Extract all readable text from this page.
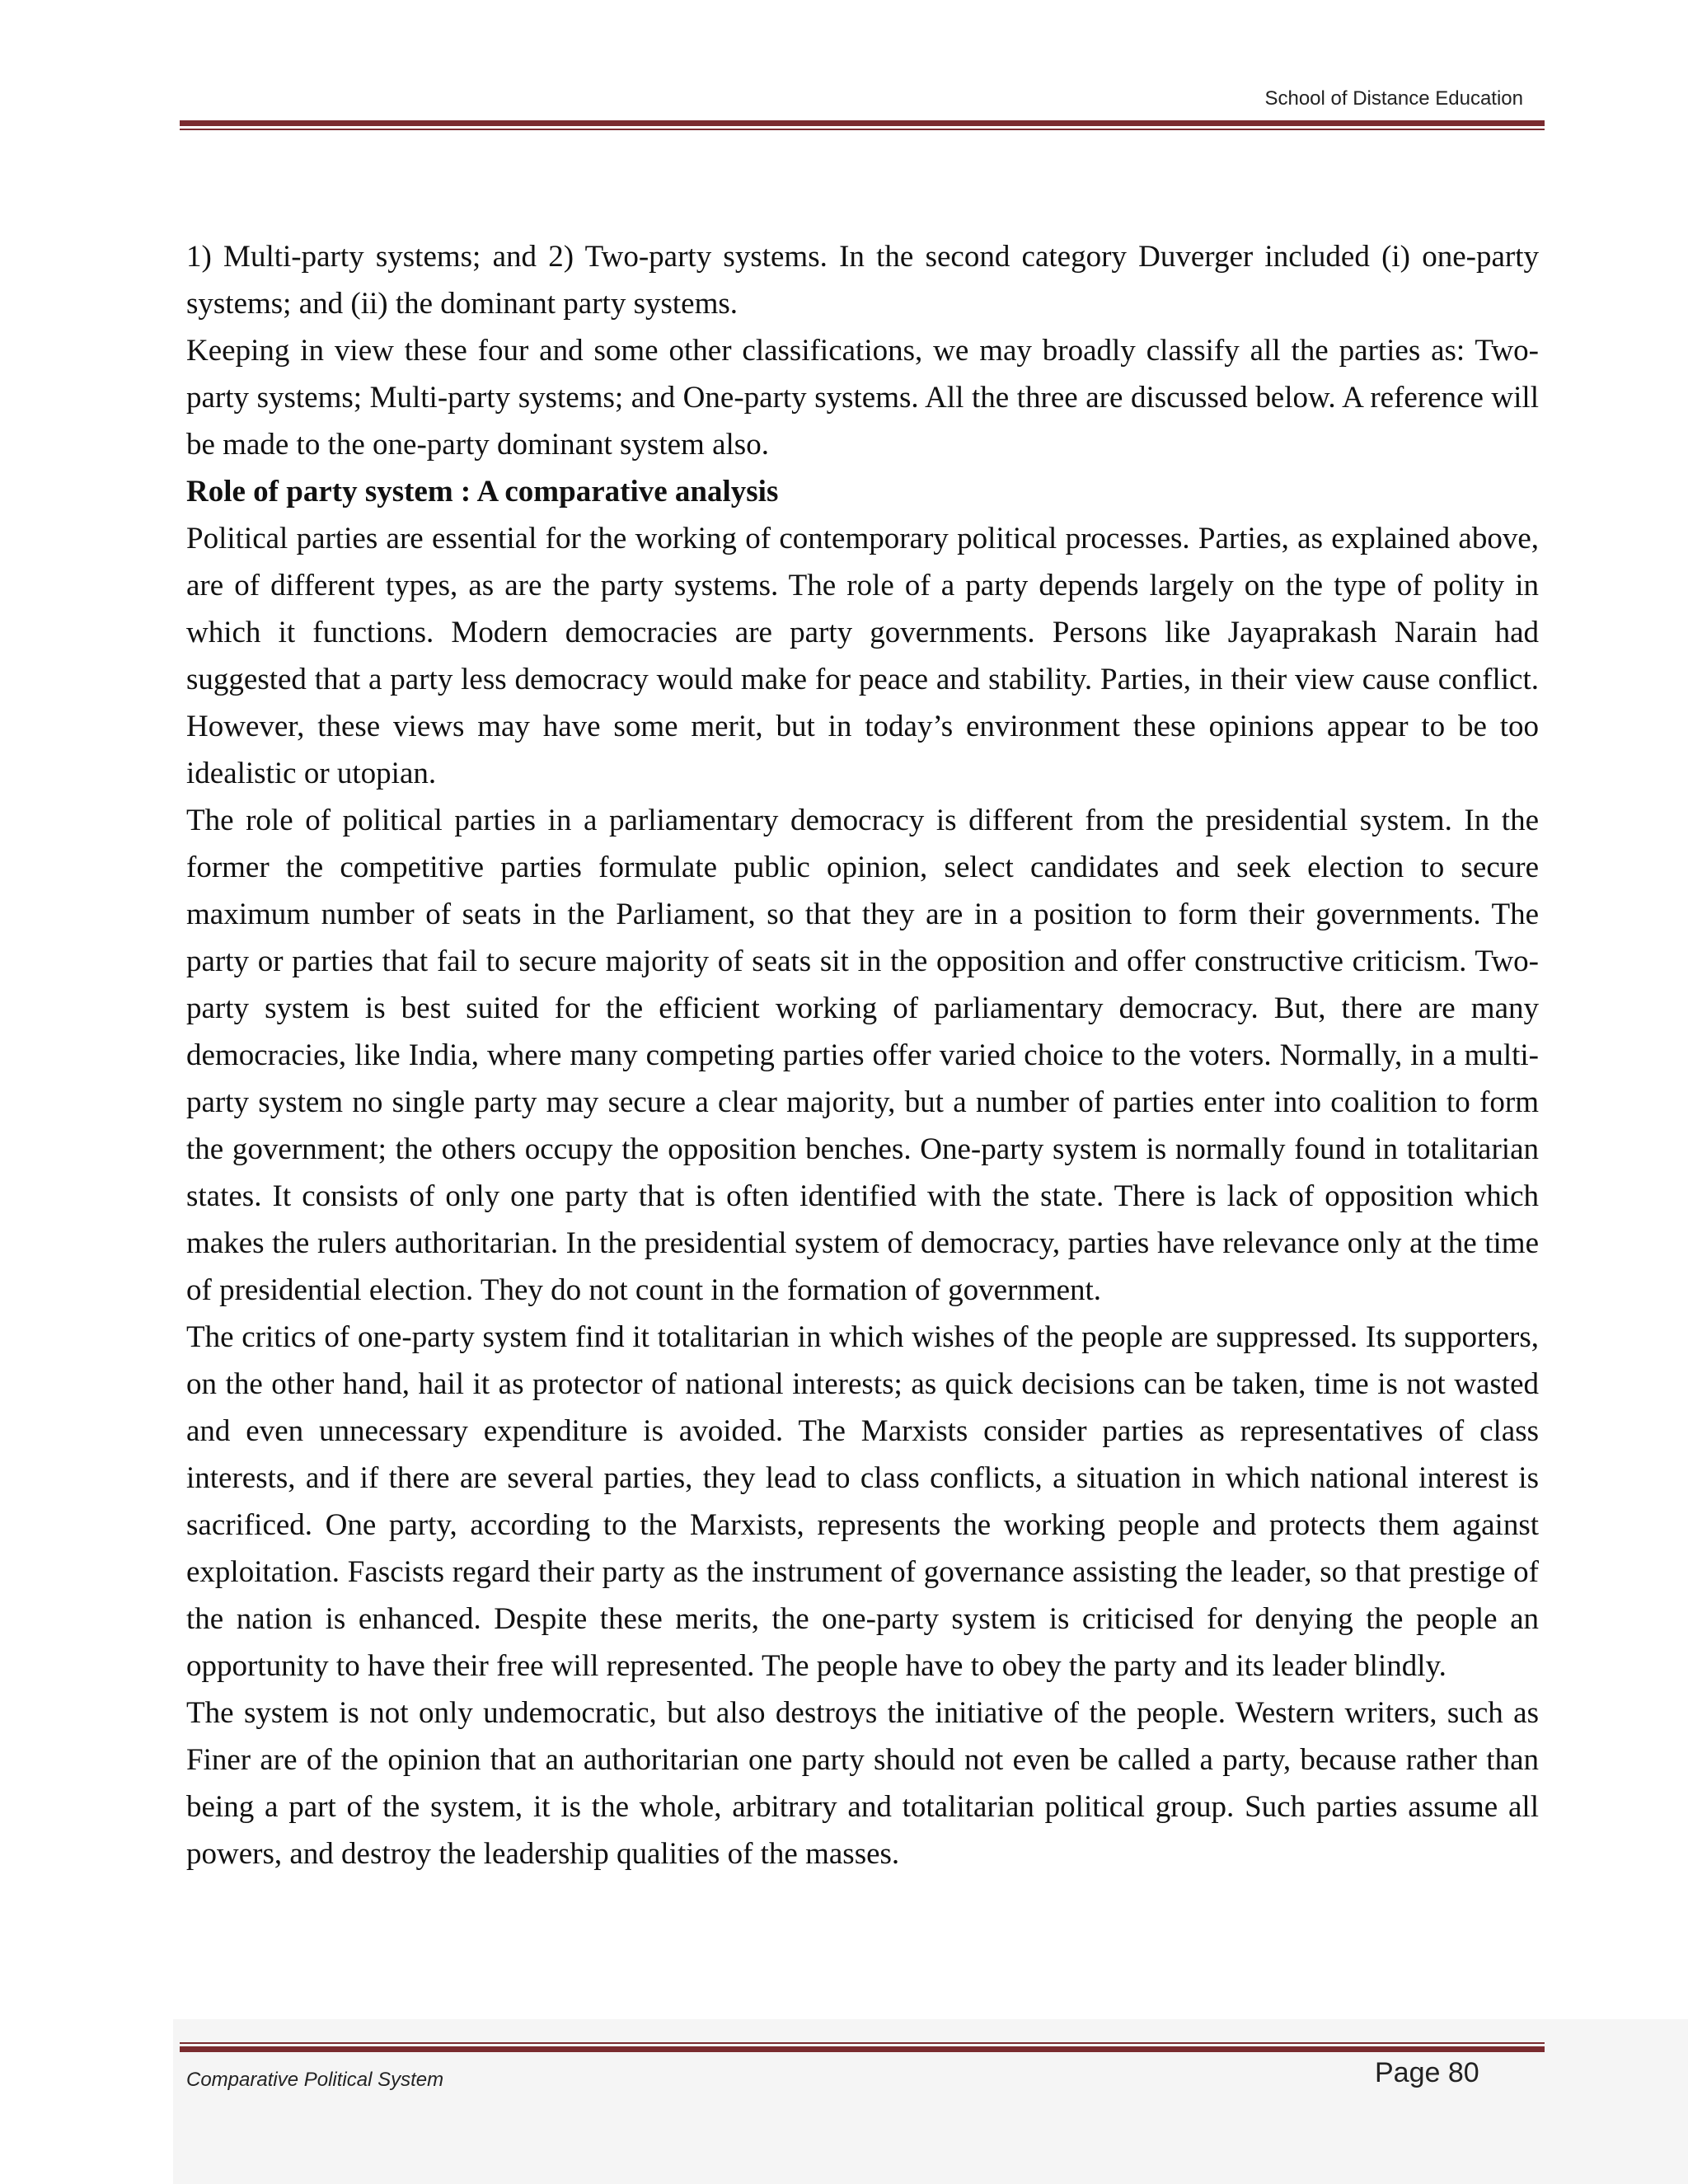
School of Distance Education

1) Multi-party systems; and 2) Two-party systems. In the second category Duverger included (i) one-party systems; and (ii) the dominant party systems.

Keeping in view these four and some other classifications, we may broadly classify all the parties as: Two-party systems; Multi-party systems; and One-party systems. All the three are discussed below. A reference will be made to the one-party dominant system also.

Role of party system : A comparative analysis

Political parties are essential for the working of contemporary political processes. Parties, as explained above, are of different types, as are the party systems. The role of a party depends largely on the type of polity in which it functions. Modern democracies are party governments. Persons like Jayaprakash Narain had suggested that a party less democracy would make for peace and stability. Parties, in their view cause conflict. However, these views may have some merit, but in today’s environment these opinions appear to be too idealistic or utopian.

The role of political parties in a parliamentary democracy is different from the presidential system. In the former the competitive parties formulate public opinion, select candidates and seek election to secure maximum number of seats in the Parliament, so that they are in a position to form their governments. The party or parties that fail to secure majority of seats sit in the opposition and offer constructive criticism. Two-party system is best suited for the efficient working of parliamentary democracy. But, there are many democracies, like India, where many competing parties offer varied choice to the voters. Normally, in a multi-party system no single party may secure a clear majority, but a number of parties enter into coalition to form the government; the others occupy the opposition benches. One-party system is normally found in totalitarian states. It consists of only one party that is often identified with the state. There is lack of opposition which makes the rulers authoritarian. In the presidential system of democracy, parties have relevance only at the time of presidential election. They do not count in the formation of government.

The critics of one-party system find it totalitarian in which wishes of the people are suppressed. Its supporters, on the other hand, hail it as protector of national interests; as quick decisions can be taken, time is not wasted and even unnecessary expenditure is avoided. The Marxists consider parties as representatives of class interests, and if there are several parties, they lead to class conflicts, a situation in which national interest is sacrificed. One party, according to the Marxists, represents the working people and protects them against exploitation. Fascists regard their party as the instrument of governance assisting the leader, so that prestige of the nation is enhanced. Despite these merits, the one-party system is criticised for denying the people an opportunity to have their free will represented. The people have to obey the party and its leader blindly.

The system is not only undemocratic, but also destroys the initiative of the people. Western writers, such as Finer are of the opinion that an authoritarian one party should not even be called a party, because rather than being a part of the system, it is the whole, arbitrary and totalitarian political group. Such parties assume all powers, and destroy the leadership qualities of the masses.

Comparative Political System	Page 80
